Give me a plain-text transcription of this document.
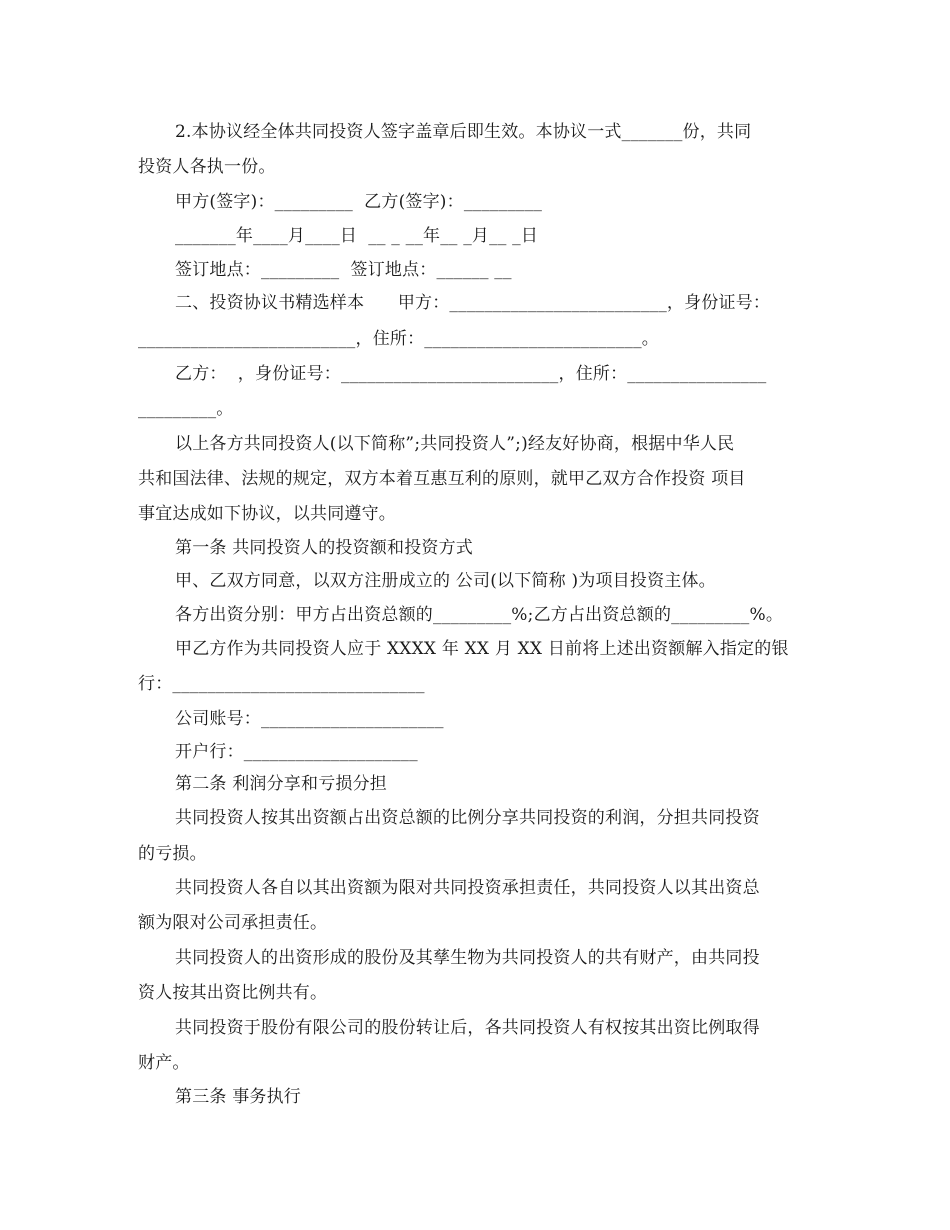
2.本协议经全体共同投资人签字盖章后即生效。本协议一式_______份，共同
投资人各执一份。
甲方(签字)：_________  乙方(签字)：_________
_______年____月____日  __ _ __年__ _月__ _日
签订地点：_________  签订地点：______ __
二、投资协议书精选样本      甲方：_________________________，身份证号：
_________________________，住所：_________________________。
乙方：  ，身份证号：_________________________，住所：________________
_________。
以上各方共同投资人(以下简称”;共同投资人”;)经友好协商，根据中华人民
共和国法律、法规的规定，双方本着互惠互利的原则，就甲乙双方合作投资 项目
事宜达成如下协议，以共同遵守。
第一条 共同投资人的投资额和投资方式
甲、乙双方同意，以双方注册成立的 公司(以下简称 )为项目投资主体。
各方出资分别：甲方占出资总额的_________%;乙方占出资总额的_________%。
甲乙方作为共同投资人应于 XXXX 年 XX 月 XX 日前将上述出资额解入指定的银
行：_____________________________
公司账号：_____________________
开户行：____________________
第二条 利润分享和亏损分担
共同投资人按其出资额占出资总额的比例分享共同投资的利润，分担共同投资
的亏损。
共同投资人各自以其出资额为限对共同投资承担责任，共同投资人以其出资总
额为限对公司承担责任。
共同投资人的出资形成的股份及其孳生物为共同投资人的共有财产，由共同投
资人按其出资比例共有。
共同投资于股份有限公司的股份转让后，各共同投资人有权按其出资比例取得
财产。
第三条 事务执行
